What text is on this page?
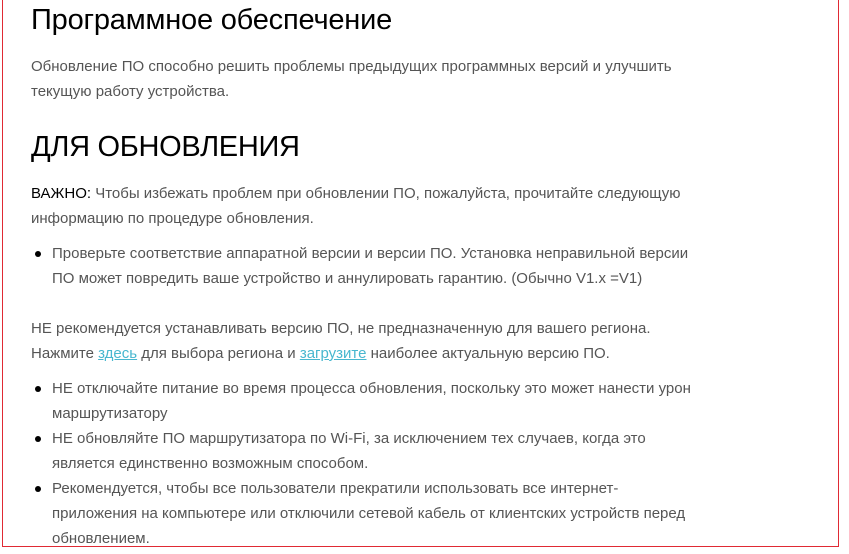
Программное обеспечение

Обновление ПО способно решить проблемы предыдущих программных версий и улучшить текущую работу устройства.

ДЛЯ ОБНОВЛЕНИЯ

ВАЖНО: Чтобы избежать проблем при обновлении ПО, пожалуйста, прочитайте следующую информацию по процедуре обновления.

Проверьте соответствие аппаратной версии и версии ПО. Установка неправильной версии ПО может повредить ваше устройство и аннулировать гарантию. (Обычно V1.x =V1)

НЕ рекомендуется устанавливать версию ПО, не предназначенную для вашего региона.
Нажмите здесь для выбора региона и загрузите наиболее актуальную версию ПО.

НЕ отключайте питание во время процесса обновления, поскольку это может нанести урон маршрутизатору
НЕ обновляйте ПО маршрутизатора по Wi-Fi, за исключением тех случаев, когда это является единственно возможным способом.
Рекомендуется, чтобы все пользователи прекратили использовать все интернет-приложения на компьютере или отключили сетевой кабель от клиентских устройств перед обновлением.
